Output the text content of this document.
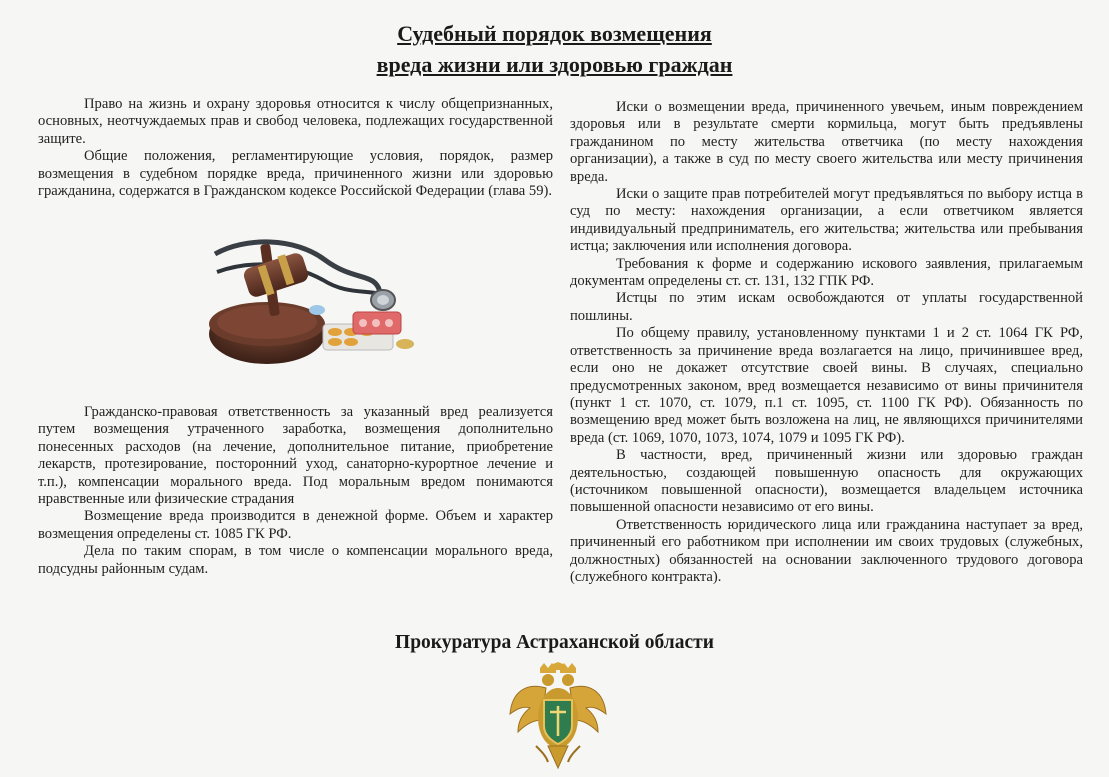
Судебный порядок возмещения
вреда жизни или здоровью граждан

Право на жизнь и охрану здоровья относится к числу общепризнанных, основных, неотчуждаемых прав и свобод человека, подлежащих государственной защите.

Общие положения, регламентирующие условия, порядок, размер возмещения в судебном порядке вреда, причиненного жизни или здоровью гражданина, содержатся в Гражданском кодексе Российской Федерации (глава 59).

Гражданско-правовая ответственность за указанный вред реализуется путем возмещения утраченного заработка, возмещения дополнительно понесенных расходов (на лечение, дополнительное питание, приобретение лекарств, протезирование, посторонний уход, санаторно-курортное лечение и т.п.), компенсации морального вреда. Под моральным вредом понимаются нравственные или физические страдания

Возмещение вреда производится в денежной форме. Объем и характер возмещения определены ст. 1085 ГК РФ.

Дела по таким спорам, в том числе о компенсации морального вреда, подсудны районным судам.

Иски о возмещении вреда, причиненного увечьем, иным повреждением здоровья или в результате смерти кормильца, могут быть предъявлены гражданином по месту жительства ответчика (по месту нахождения организации), а также в суд по месту своего жительства или месту причинения вреда.

Иски о защите прав потребителей могут предъявляться по выбору истца в суд по месту: нахождения организации, а если ответчиком является индивидуальный предприниматель, его жительства; жительства или пребывания истца; заключения или исполнения договора.

Требования к форме и содержанию искового заявления, прилагаемым документам определены ст. ст. 131, 132 ГПК РФ.

Истцы по этим искам освобождаются от уплаты государственной пошлины.

По общему правилу, установленному пунктами 1 и 2 ст. 1064 ГК РФ, ответственность за причинение вреда возлагается на лицо, причинившее вред, если оно не докажет отсутствие своей вины. В случаях, специально предусмотренных законом, вред возмещается независимо от вины причинителя (пункт 1 ст. 1070, ст. 1079, п.1 ст. 1095, ст. 1100 ГК РФ). Обязанность по возмещению вред может быть возложена на лиц, не являющихся причинителями вреда (ст. 1069, 1070, 1073, 1074, 1079 и 1095 ГК РФ).

В частности, вред, причиненный жизни или здоровью граждан деятельностью, создающей повышенную опасность для окружающих (источником повышенной опасности), возмещается владельцем источника повышенной опасности независимо от его вины.

Ответственность юридического лица или гражданина наступает за вред, причиненный его работником при исполнении им своих трудовых (служебных, должностных) обязанностей на основании заключенного трудового договора (служебного контракта).

Прокуратура Астраханской области
